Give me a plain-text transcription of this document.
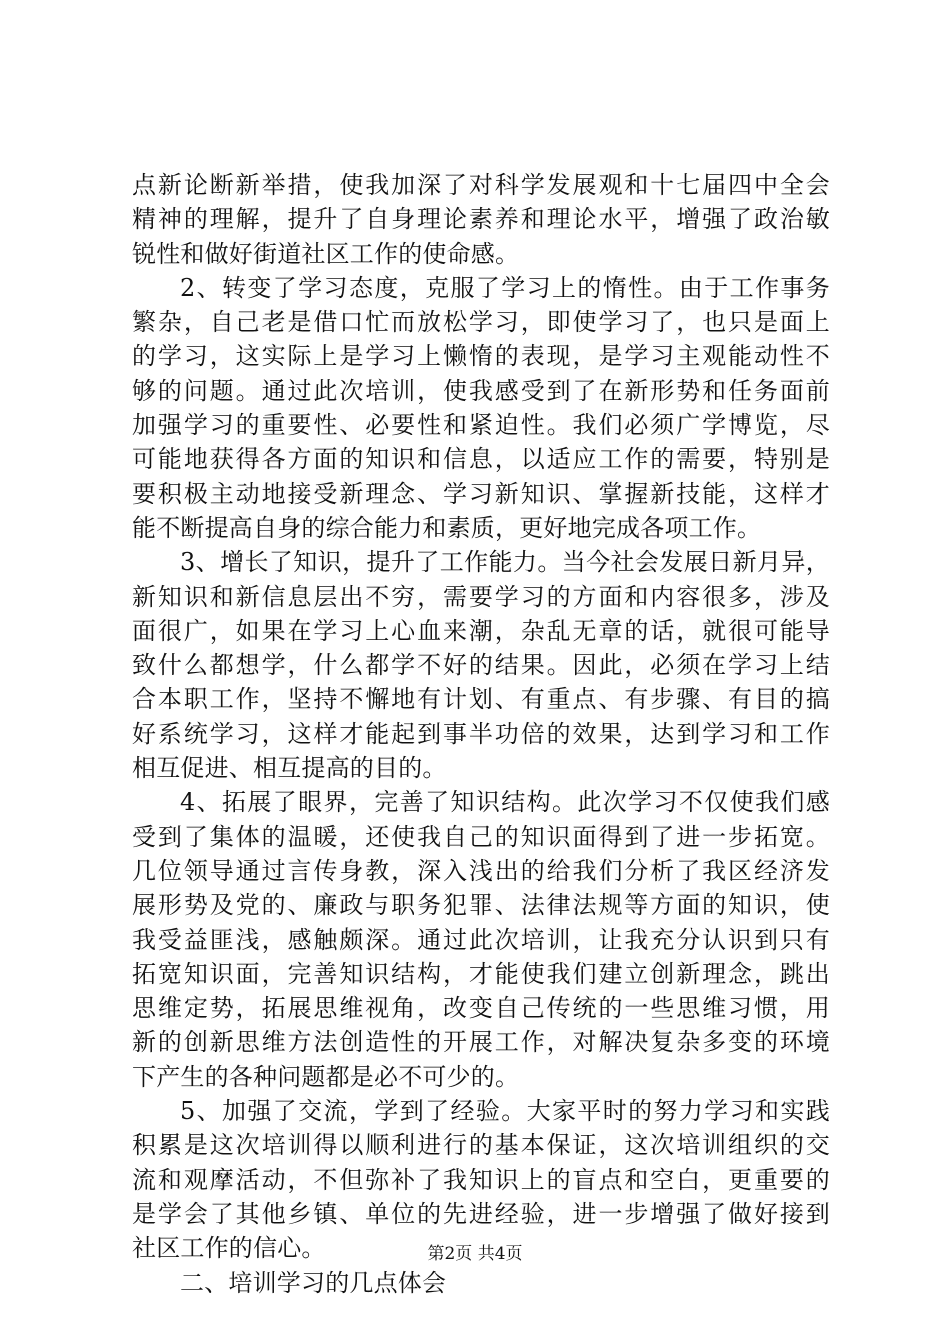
点新论断新举措，使我加深了对科学发展观和十七届四中全会
精神的理解，提升了自身理论素养和理论水平，增强了政治敏
锐性和做好街道社区工作的使命感。
2、转变了学习态度，克服了学习上的惰性。由于工作事务
繁杂，自己老是借口忙而放松学习，即使学习了，也只是面上
的学习，这实际上是学习上懒惰的表现，是学习主观能动性不
够的问题。通过此次培训，使我感受到了在新形势和任务面前
加强学习的重要性、必要性和紧迫性。我们必须广学博览，尽
可能地获得各方面的知识和信息，以适应工作的需要，特别是
要积极主动地接受新理念、学习新知识、掌握新技能，这样才
能不断提高自身的综合能力和素质，更好地完成各项工作。
3、增长了知识，提升了工作能力。当今社会发展日新月异，
新知识和新信息层出不穷，需要学习的方面和内容很多，涉及
面很广，如果在学习上心血来潮，杂乱无章的话，就很可能导
致什么都想学，什么都学不好的结果。因此，必须在学习上结
合本职工作，坚持不懈地有计划、有重点、有步骤、有目的搞
好系统学习，这样才能起到事半功倍的效果，达到学习和工作
相互促进、相互提高的目的。
4、拓展了眼界，完善了知识结构。此次学习不仅使我们感
受到了集体的温暖，还使我自己的知识面得到了进一步拓宽。
几位领导通过言传身教，深入浅出的给我们分析了我区经济发
展形势及党的、廉政与职务犯罪、法律法规等方面的知识，使
我受益匪浅，感触颇深。通过此次培训，让我充分认识到只有
拓宽知识面，完善知识结构，才能使我们建立创新理念，跳出
思维定势，拓展思维视角，改变自己传统的一些思维习惯，用
新的创新思维方法创造性的开展工作，对解决复杂多变的环境
下产生的各种问题都是必不可少的。
5、加强了交流，学到了经验。大家平时的努力学习和实践
积累是这次培训得以顺利进行的基本保证，这次培训组织的交
流和观摩活动，不但弥补了我知识上的盲点和空白，更重要的
是学会了其他乡镇、单位的先进经验，进一步增强了做好接到
社区工作的信心。
二、培训学习的几点体会
第2页 共4页
